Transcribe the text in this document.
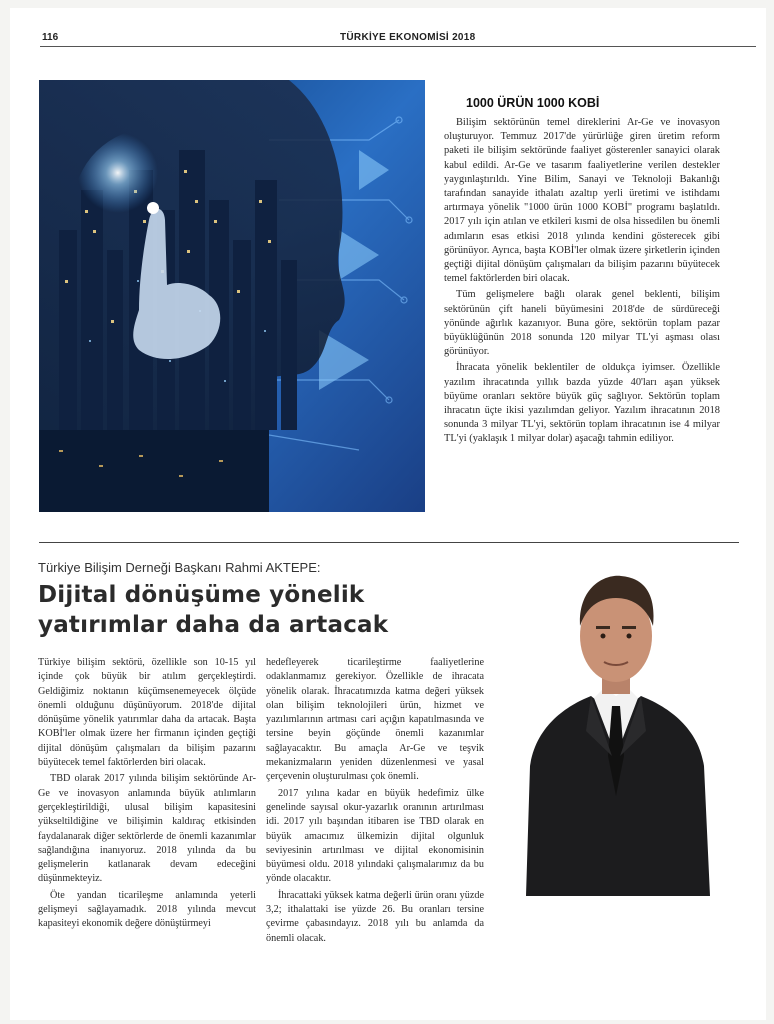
116	TÜRKİYE EKONOMİSİ 2018
1000 ÜRÜN 1000 KOBİ

Bilişim sektörünün temel direklerini Ar-Ge ve inovasyon oluşturuyor. Temmuz 2017'de yürürlüğe giren üretim reform paketi ile bilişim sektöründe faaliyet gösterenler sanayici olarak kabul edildi. Ar-Ge ve tasarım faaliyetlerine verilen destekler yaygınlaştırıldı. Yine Bilim, Sanayi ve Teknoloji Bakanlığı tarafından sanayide ithalatı azaltıp yerli üretimi ve istihdamı artırmaya yönelik "1000 ürün 1000 KOBİ" programı başlatıldı. 2017 yılı için atılan ve etkileri kısmi de olsa hissedilen bu önemli adımların esas etkisi 2018 yılında kendini gösterecek gibi görünüyor. Ayrıca, başta KOBİ'ler olmak üzere şirketlerin içinden geçtiği dijital dönüşüm çalışmaları da bilişim pazarını büyütecek temel faktörlerden biri olacak.

Tüm gelişmelere bağlı olarak genel beklenti, bilişim sektörünün çift haneli büyümesini 2018'de de sürdüreceği yönünde ağırlık kazanıyor. Buna göre, sektörün toplam pazar büyüklüğünün 2018 sonunda 120 milyar TL'yi aşması olası görünüyor.

İhracata yönelik beklentiler de oldukça iyimser. Özellikle yazılım ihracatında yıllık bazda yüzde 40'ları aşan yüksek büyüme oranları sektöre büyük güç sağlıyor. Sektörün toplam ihracatın üçte ikisi yazılımdan geliyor. Yazılım ihracatının 2018 sonunda 3 milyar TL'yi, sektörün toplam ihracatının ise 4 milyar TL'yi (yaklaşık 1 milyar dolar) aşacağı tahmin ediliyor.

Türkiye Bilişim Derneği Başkanı Rahmi AKTEPE:
Dijital dönüşüme yönelik
yatırımlar daha da artacak

Türkiye bilişim sektörü, özellikle son 10-15 yıl içinde çok büyük bir atılım gerçekleştirdi. Geldiğimiz noktanın küçümsenemeyecek ölçüde önemli olduğunu düşünüyorum. 2018'de dijital dönüşüme yönelik yatırımlar daha da artacak. Başta KOBİ'ler olmak üzere her firmanın içinden geçtiği dijital dönüşüm çalışmaları da bilişim pazarını büyütecek temel faktörlerden biri olacak.

TBD olarak 2017 yılında bilişim sektöründe Ar-Ge ve inovasyon anlamında büyük atılımların gerçekleştirildiği, ulusal bilişim kapasitesini yükseltildiğine ve bilişimin kaldıraç etkisinden faydalanarak diğer sektörlerde de önemli kazanımlar sağlandığına inanıyoruz. 2018 yılında da bu gelişmelerin katlanarak devam edeceğini düşünmekteyiz.

Öte yandan ticarileşme anlamında yeterli gelişmeyi sağlayamadık. 2018 yılında mevcut kapasiteyi ekonomik değere dönüştürmeyi

hedefleyerek ticarileştirme faaliyetlerine odaklanmamız gerekiyor. Özellikle de ihracata yönelik olarak. İhracatımızda katma değeri yüksek olan bilişim teknolojileri ürün, hizmet ve yazılımlarının artması cari açığın kapatılmasında ve tersine beyin göçünde önemli kazanımlar sağlayacaktır. Bu amaçla Ar-Ge ve teşvik mekanizmaların yeniden düzenlenmesi ve yasal çerçevenin oluşturulması çok önemli.

2017 yılına kadar en büyük hedefimiz ülke genelinde sayısal okur-yazarlık oranının artırılması idi. 2017 yılı başından itibaren ise TBD olarak en büyük amacımız ülkemizin dijital olgunluk seviyesinin artırılması ve dijital ekonomisinin büyümesi oldu. 2018 yılındaki çalışmalarımız da bu yönde olacaktır.

İhracattaki yüksek katma değerli ürün oranı yüzde 3,2; ithalattaki ise yüzde 26. Bu oranları tersine çevirme çabasındayız. 2018 yılı bu anlamda da önemli olacak.
